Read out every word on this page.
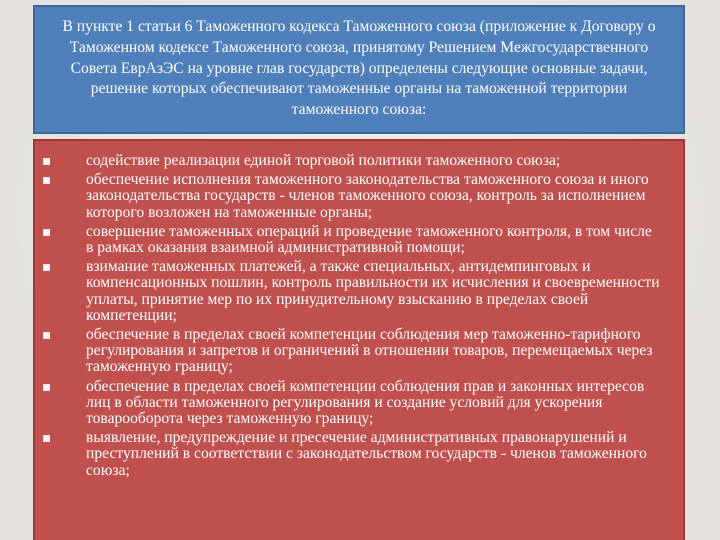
В пункте 1 статьи 6 Таможенного кодекса Таможенного союза (приложение к Договору о Таможенном кодексе Таможенного союза, принятому Решением Межгосударственного Совета ЕврАзЭС на уровне глав государств) определены следующие основные задачи, решение которых обеспечивают таможенные органы на таможенной территории таможенного союза:
содействие реализации единой торговой политики таможенного союза;
обеспечение исполнения таможенного законодательства таможенного союза и иного законодательства государств - членов таможенного союза, контроль за исполнением которого возложен на таможенные органы;
совершение таможенных операций и проведение таможенного контроля, в том числе в рамках оказания взаимной административной помощи;
взимание таможенных платежей, а также специальных, антидемпинговых и компенсационных пошлин, контроль правильности их исчисления и своевременности уплаты, принятие мер по их принудительному взысканию в пределах своей компетенции;
обеспечение в пределах своей компетенции соблюдения мер таможенно-тарифного регулирования и запретов и ограничений в отношении товаров, перемещаемых через таможенную границу;
обеспечение в пределах своей компетенции соблюдения прав и законных интересов лиц в области таможенного регулирования и создание условий для ускорения товарооборота через таможенную границу;
выявление, предупреждение и пресечение административных правонарушений и преступлений в соответствии с законодательством государств - членов таможенного союза;
